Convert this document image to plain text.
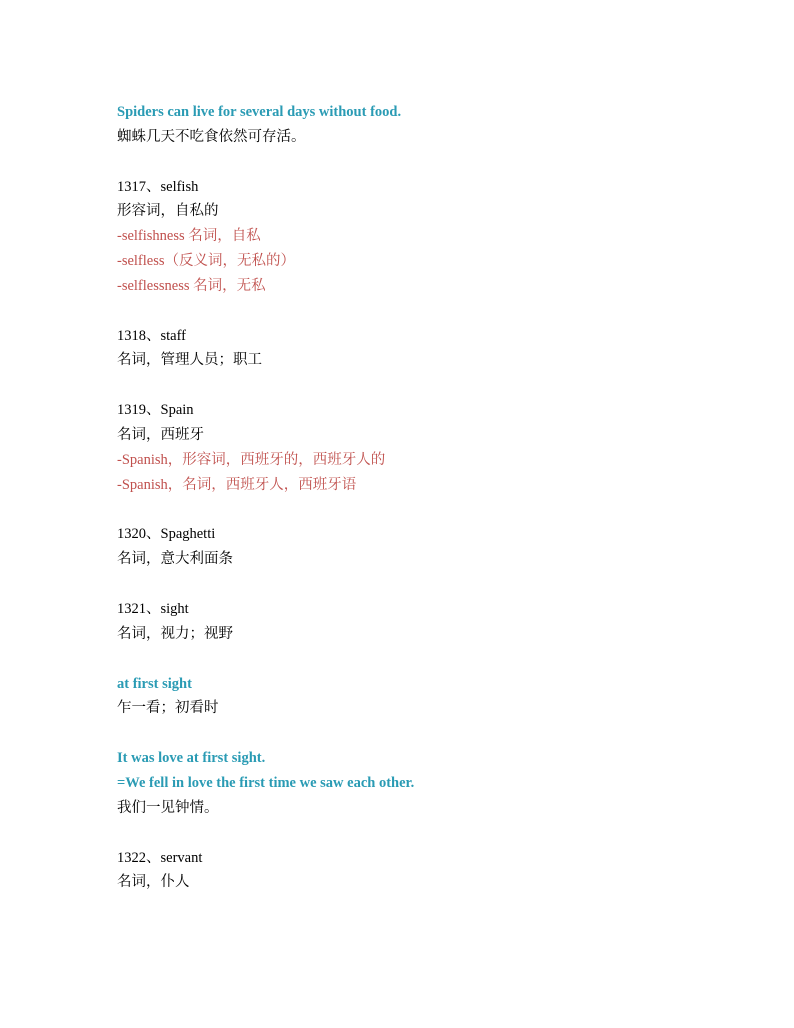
Spiders can live for several days without food.
蜘蛛几天不吃食依然可存活。
1317、selfish
形容词，自私的
-selfishness 名词，自私
-selfless（反义词，无私的）
-selflessness 名词，无私
1318、staff
名词，管理人员；职工
1319、Spain
名词，西班牙
-Spanish，形容词，西班牙的，西班牙人的
-Spanish，名词，西班牙人，西班牙语
1320、Spaghetti
名词，意大利面条
1321、sight
名词，视力；视野
at first sight
乍一看；初看时
It was love at first sight.
=We fell in love the first time we saw each other.
我们一见钟情。
1322、servant
名词，仆人
